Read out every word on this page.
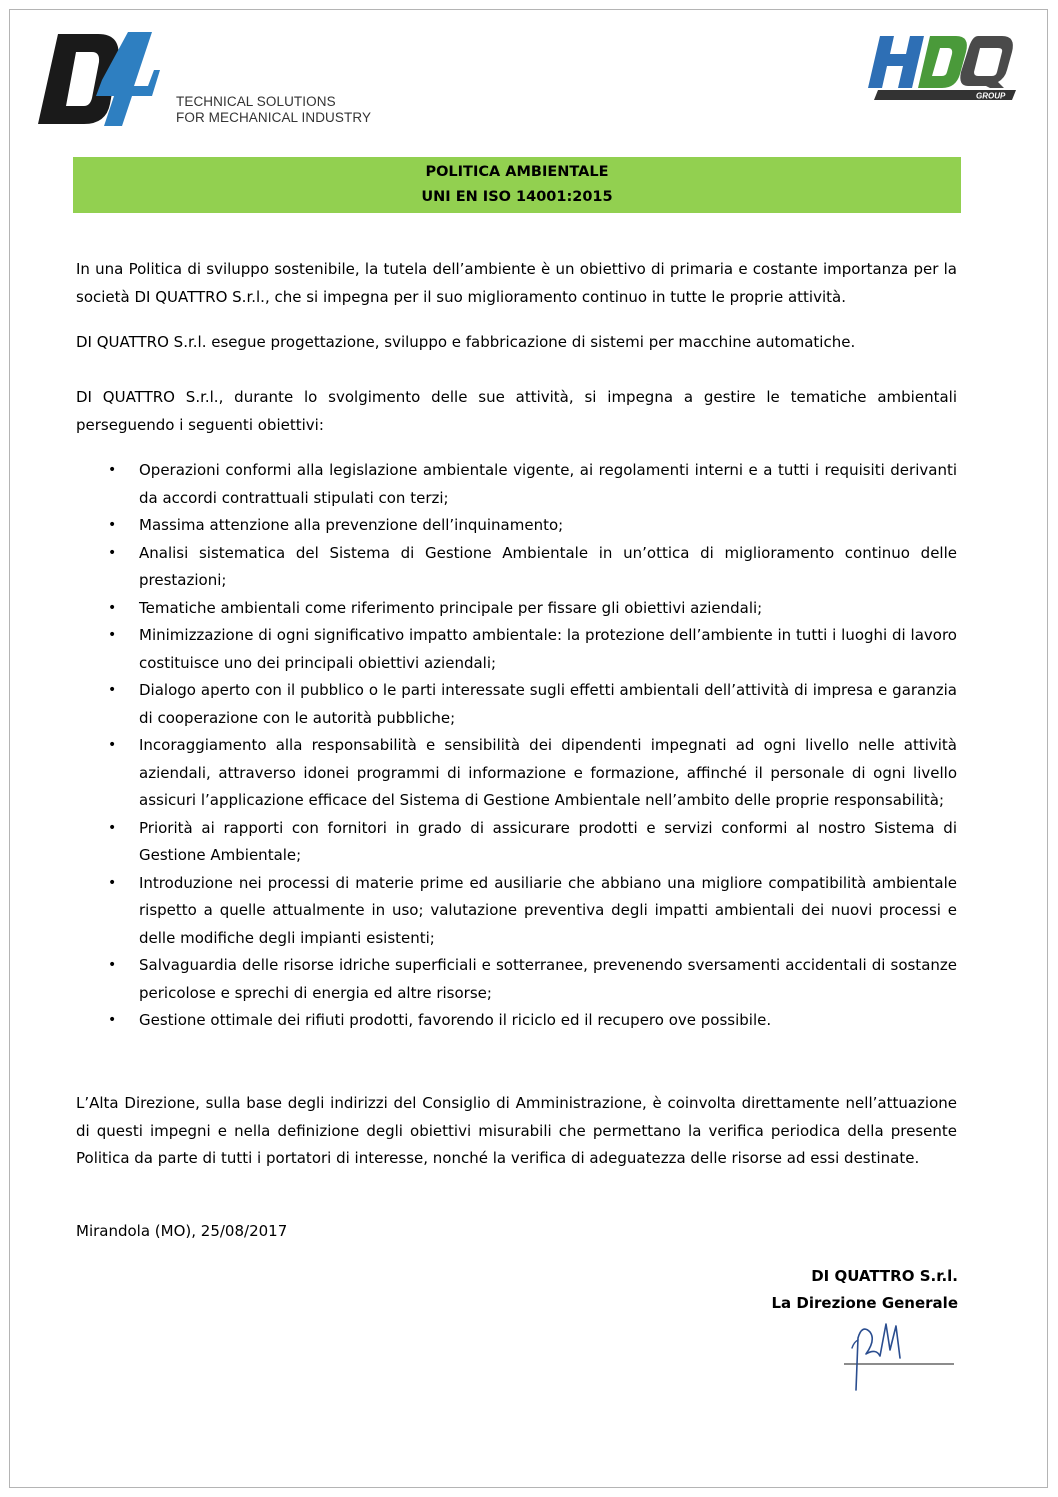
TECHNICAL SOLUTIONS
FOR MECHANICAL INDUSTRY
GROUP
POLITICA AMBIENTALE
UNI EN ISO 14001:2015

In una Politica di sviluppo sostenibile, la tutela dell’ambiente è un obiettivo di primaria e costante importanza per la società DI QUATTRO S.r.l., che si impegna per il suo miglioramento continuo in tutte le proprie attività.

DI QUATTRO S.r.l. esegue progettazione, sviluppo e fabbricazione di sistemi per macchine automatiche.

DI QUATTRO S.r.l., durante lo svolgimento delle sue attività, si impegna a gestire le tematiche ambientali perseguendo i seguenti obiettivi:

• Operazioni conformi alla legislazione ambientale vigente, ai regolamenti interni e a tutti i requisiti derivanti da accordi contrattuali stipulati con terzi;
• Massima attenzione alla prevenzione dell’inquinamento;
• Analisi sistematica del Sistema di Gestione Ambientale in un’ottica di miglioramento continuo delle prestazioni;
• Tematiche ambientali come riferimento principale per fissare gli obiettivi aziendali;
• Minimizzazione di ogni significativo impatto ambientale: la protezione dell’ambiente in tutti i luoghi di lavoro costituisce uno dei principali obiettivi aziendali;
• Dialogo aperto con il pubblico o le parti interessate sugli effetti ambientali dell’attività di impresa e garanzia di cooperazione con le autorità pubbliche;
• Incoraggiamento alla responsabilità e sensibilità dei dipendenti impegnati ad ogni livello nelle attività aziendali, attraverso idonei programmi di informazione e formazione, affinché il personale di ogni livello assicuri l’applicazione efficace del Sistema di Gestione Ambientale nell’ambito delle proprie responsabilità;
• Priorità ai rapporti con fornitori in grado di assicurare prodotti e servizi conformi al nostro Sistema di Gestione Ambientale;
• Introduzione nei processi di materie prime ed ausiliarie che abbiano una migliore compatibilità ambientale rispetto a quelle attualmente in uso; valutazione preventiva degli impatti ambientali dei nuovi processi e delle modifiche degli impianti esistenti;
• Salvaguardia delle risorse idriche superficiali e sotterranee, prevenendo sversamenti accidentali di sostanze pericolose e sprechi di energia ed altre risorse;
• Gestione ottimale dei rifiuti prodotti, favorendo il riciclo ed il recupero ove possibile.

L’Alta Direzione, sulla base degli indirizzi del Consiglio di Amministrazione, è coinvolta direttamente nell’attuazione di questi impegni e nella definizione degli obiettivi misurabili che permettano la verifica periodica della presente Politica da parte di tutti i portatori di interesse, nonché la verifica di adeguatezza delle risorse ad essi destinate.

Mirandola (MO), 25/08/2017

DI QUATTRO S.r.l.
La Direzione Generale
